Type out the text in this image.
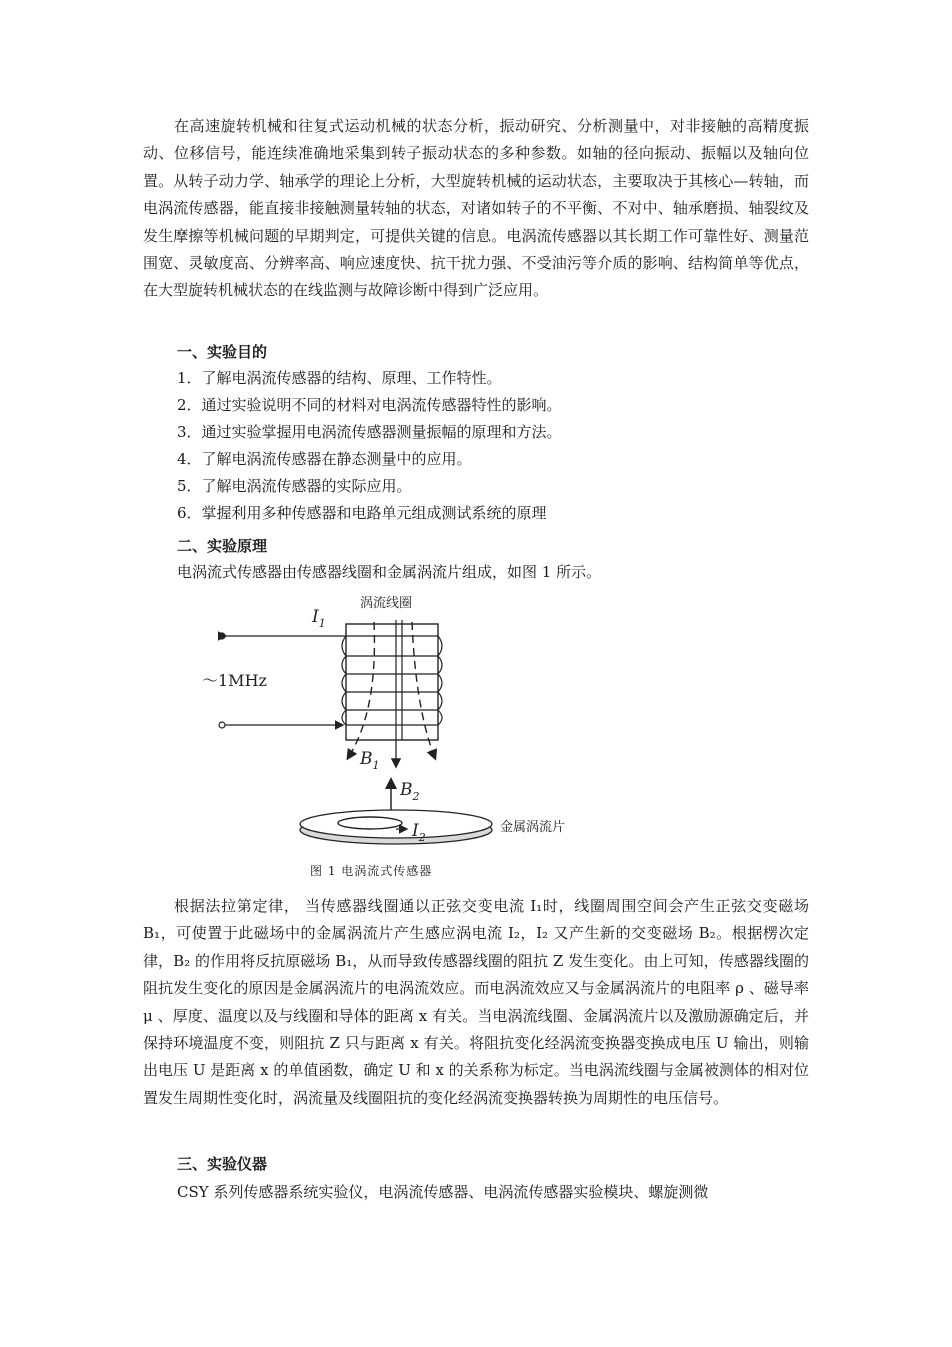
在高速旋转机械和往复式运动机械的状态分析，振动研究、分析测量中，对非接触的高精度振动、位移信号，能连续准确地采集到转子振动状态的多种参数。如轴的径向振动、振幅以及轴向位置。从转子动力学、轴承学的理论上分析，大型旋转机械的运动状态，主要取决于其核心—转轴，而电涡流传感器，能直接非接触测量转轴的状态，对诸如转子的不平衡、不对中、轴承磨损、轴裂纹及发生摩擦等机械问题的早期判定，可提供关键的信息。电涡流传感器以其长期工作可靠性好、测量范围宽、灵敏度高、分辨率高、响应速度快、抗干扰力强、不受油污等介质的影响、结构简单等优点，在大型旋转机械状态的在线监测与故障诊断中得到广泛应用。

一、实验目的

1．了解电涡流传感器的结构、原理、工作特性。

2．通过实验说明不同的材料对电涡流传感器特性的影响。

3．通过实验掌握用电涡流传感器测量振幅的原理和方法。

4．了解电涡流传感器在静态测量中的应用。

5．了解电涡流传感器的实际应用。

6．掌握利用多种传感器和电路单元组成测试系统的原理

二、实验原理

电涡流式传感器由传感器线圈和金属涡流片组成，如图 1 所示。

涡流线圈
$I_1$
～1MHz
$B_1$
$B_2$
$I_2$
金属涡流片

图 1 电涡流式传感器

根据法拉第定律， 当传感器线圈通以正弦交变电流 I₁时，线圈周围空间会产生正弦交变磁场 B₁，可使置于此磁场中的金属涡流片产生感应涡电流 I₂，I₂ 又产生新的交变磁场 B₂。根据楞次定律，B₂ 的作用将反抗原磁场 B₁，从而导致传感器线圈的阻抗 Z 发生变化。由上可知，传感器线圈的阻抗发生变化的原因是金属涡流片的电涡流效应。而电涡流效应又与金属涡流片的电阻率 ρ 、磁导率 μ 、厚度、温度以及与线圈和导体的距离 x 有关。当电涡流线圈、金属涡流片以及激励源确定后，并保持环境温度不变，则阻抗 Z 只与距离 x 有关。将阻抗变化经涡流变换器变换成电压 U 输出，则输出电压 U 是距离 x 的单值函数，确定 U 和 x 的关系称为标定。当电涡流线圈与金属被测体的相对位置发生周期性变化时，涡流量及线圈阻抗的变化经涡流变换器转换为周期性的电压信号。

三、实验仪器

CSY 系列传感器系统实验仪，电涡流传感器、电涡流传感器实验模块、螺旋测微
